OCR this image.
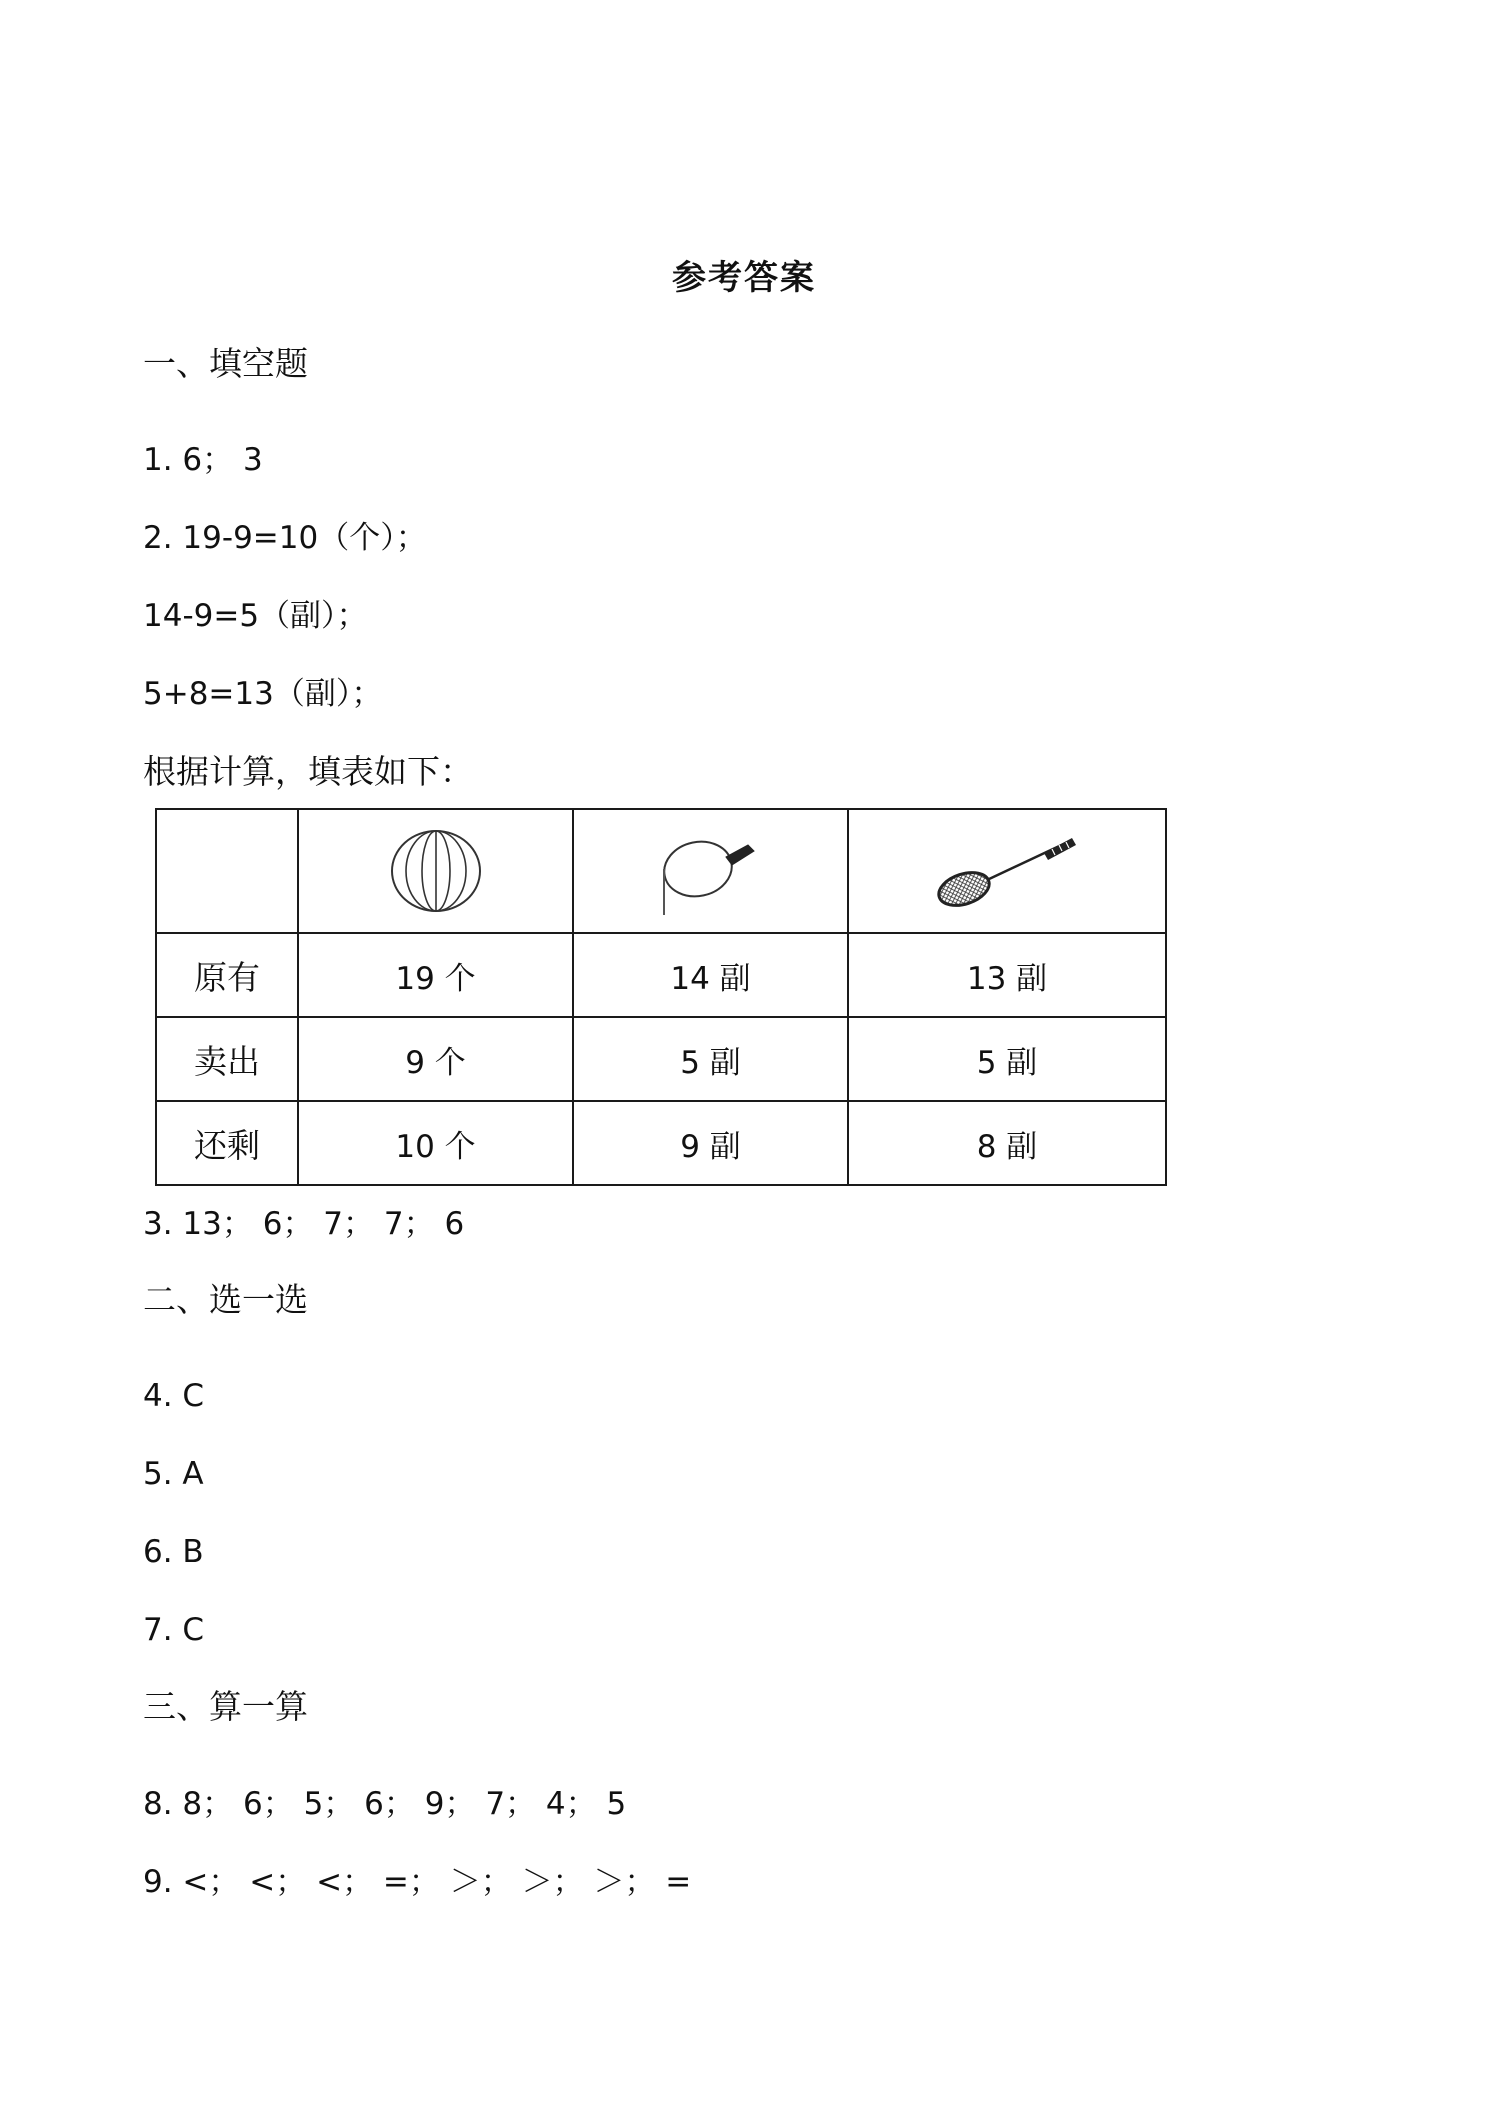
参考答案
一、填空题
1. 6； 3
2. 19-9=10（个）；
14-9=5（副）；
5+8=13（副）；
根据计算，填表如下：

原有	19 个	14 副	13 副
卖出	9 个	5 副	5 副
还剩	10 个	9 副	8 副
3. 13； 6； 7； 7； 6
二、选一选
4. C
5. A
6. B
7. C
三、算一算
8. 8； 6； 5； 6； 9； 7； 4； 5
9. <； <； <； =； ＞； ＞； ＞； =
